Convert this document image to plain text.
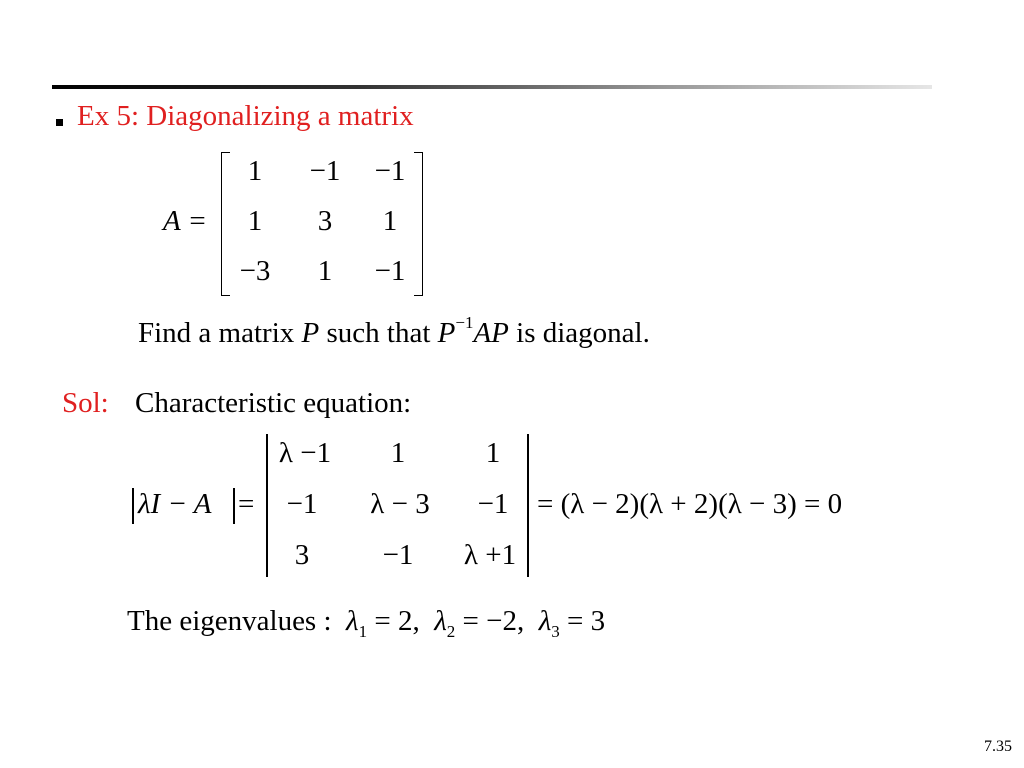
Ex 5: Diagonalizing a matrix
A =
1	−1	−1
1	3	1
−3	1	−1
Find a matrix P such that $P^{-1}AP$ is diagonal.
Sol: Characteristic equation:
λI − A =
λ −1	1	1
−1	λ − 3	−1
3	−1	λ +1
= (λ − 2)(λ + 2)(λ − 3) = 0
The eigenvalues : $\lambda_1 = 2$, $\lambda_2 = -2$, $\lambda_3 = 3$
7.35
